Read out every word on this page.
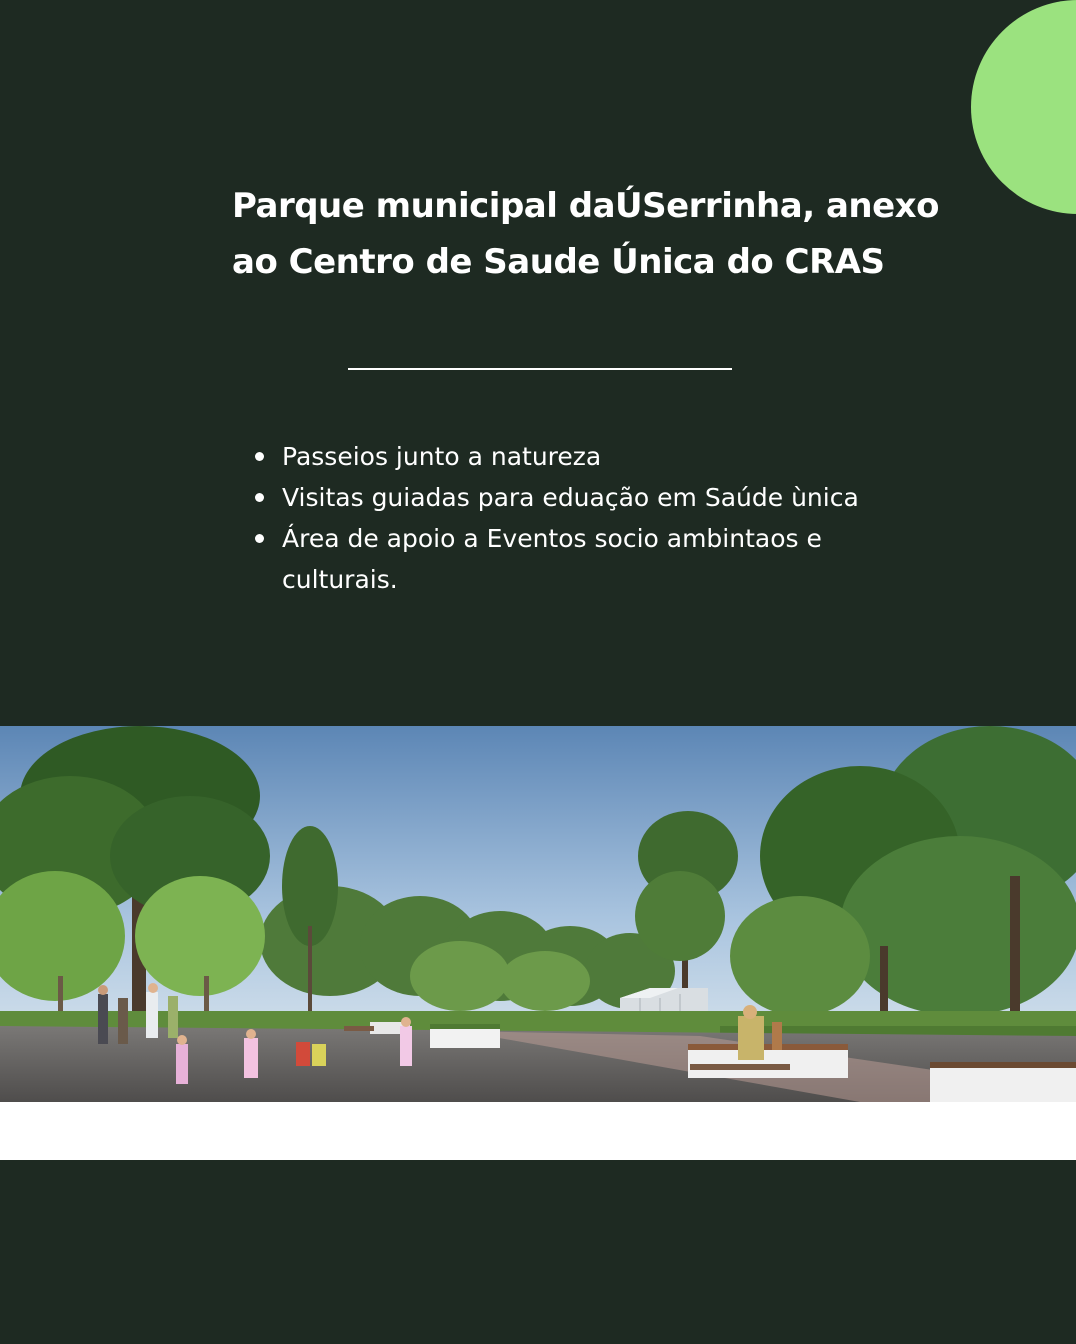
Parque municipal daÚSerrinha, anexo
ao Centro de Saude Única do CRAS
Passeios junto a natureza
Visitas guiadas para eduação em Saúde ùnica
Área de apoio a Eventos socio ambintaos e culturais.
